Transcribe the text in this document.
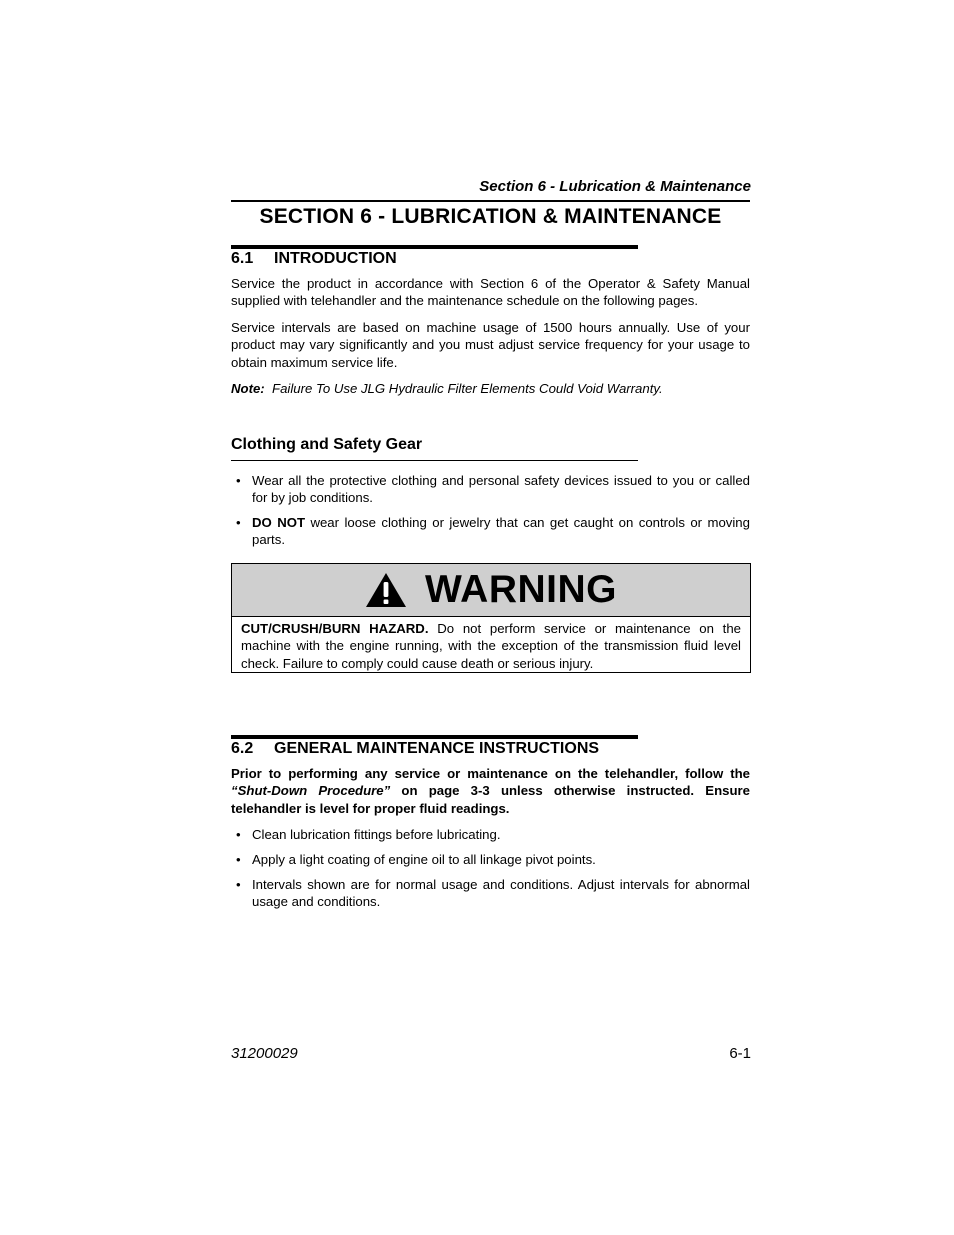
Section 6 - Lubrication & Maintenance
SECTION 6 - LUBRICATION & MAINTENANCE
6.1 INTRODUCTION
Service the product in accordance with Section 6 of the Operator & Safety Manual supplied with telehandler and the maintenance schedule on the following pages.
Service intervals are based on machine usage of 1500 hours annually. Use of your product may vary significantly and you must adjust service frequency for your usage to obtain maximum service life.
Note: Failure To Use JLG Hydraulic Filter Elements Could Void Warranty.
Clothing and Safety Gear
• Wear all the protective clothing and personal safety devices issued to you or called for by job conditions.
• DO NOT wear loose clothing or jewelry that can get caught on controls or moving parts.
WARNING
CUT/CRUSH/BURN HAZARD. Do not perform service or maintenance on the machine with the engine running, with the exception of the transmission fluid level check. Failure to comply could cause death or serious injury.
6.2 GENERAL MAINTENANCE INSTRUCTIONS
Prior to performing any service or maintenance on the telehandler, follow the “Shut-Down Procedure” on page 3-3 unless otherwise instructed. Ensure telehandler is level for proper fluid readings.
• Clean lubrication fittings before lubricating.
• Apply a light coating of engine oil to all linkage pivot points.
• Intervals shown are for normal usage and conditions. Adjust intervals for abnormal usage and conditions.
31200029	6-1
